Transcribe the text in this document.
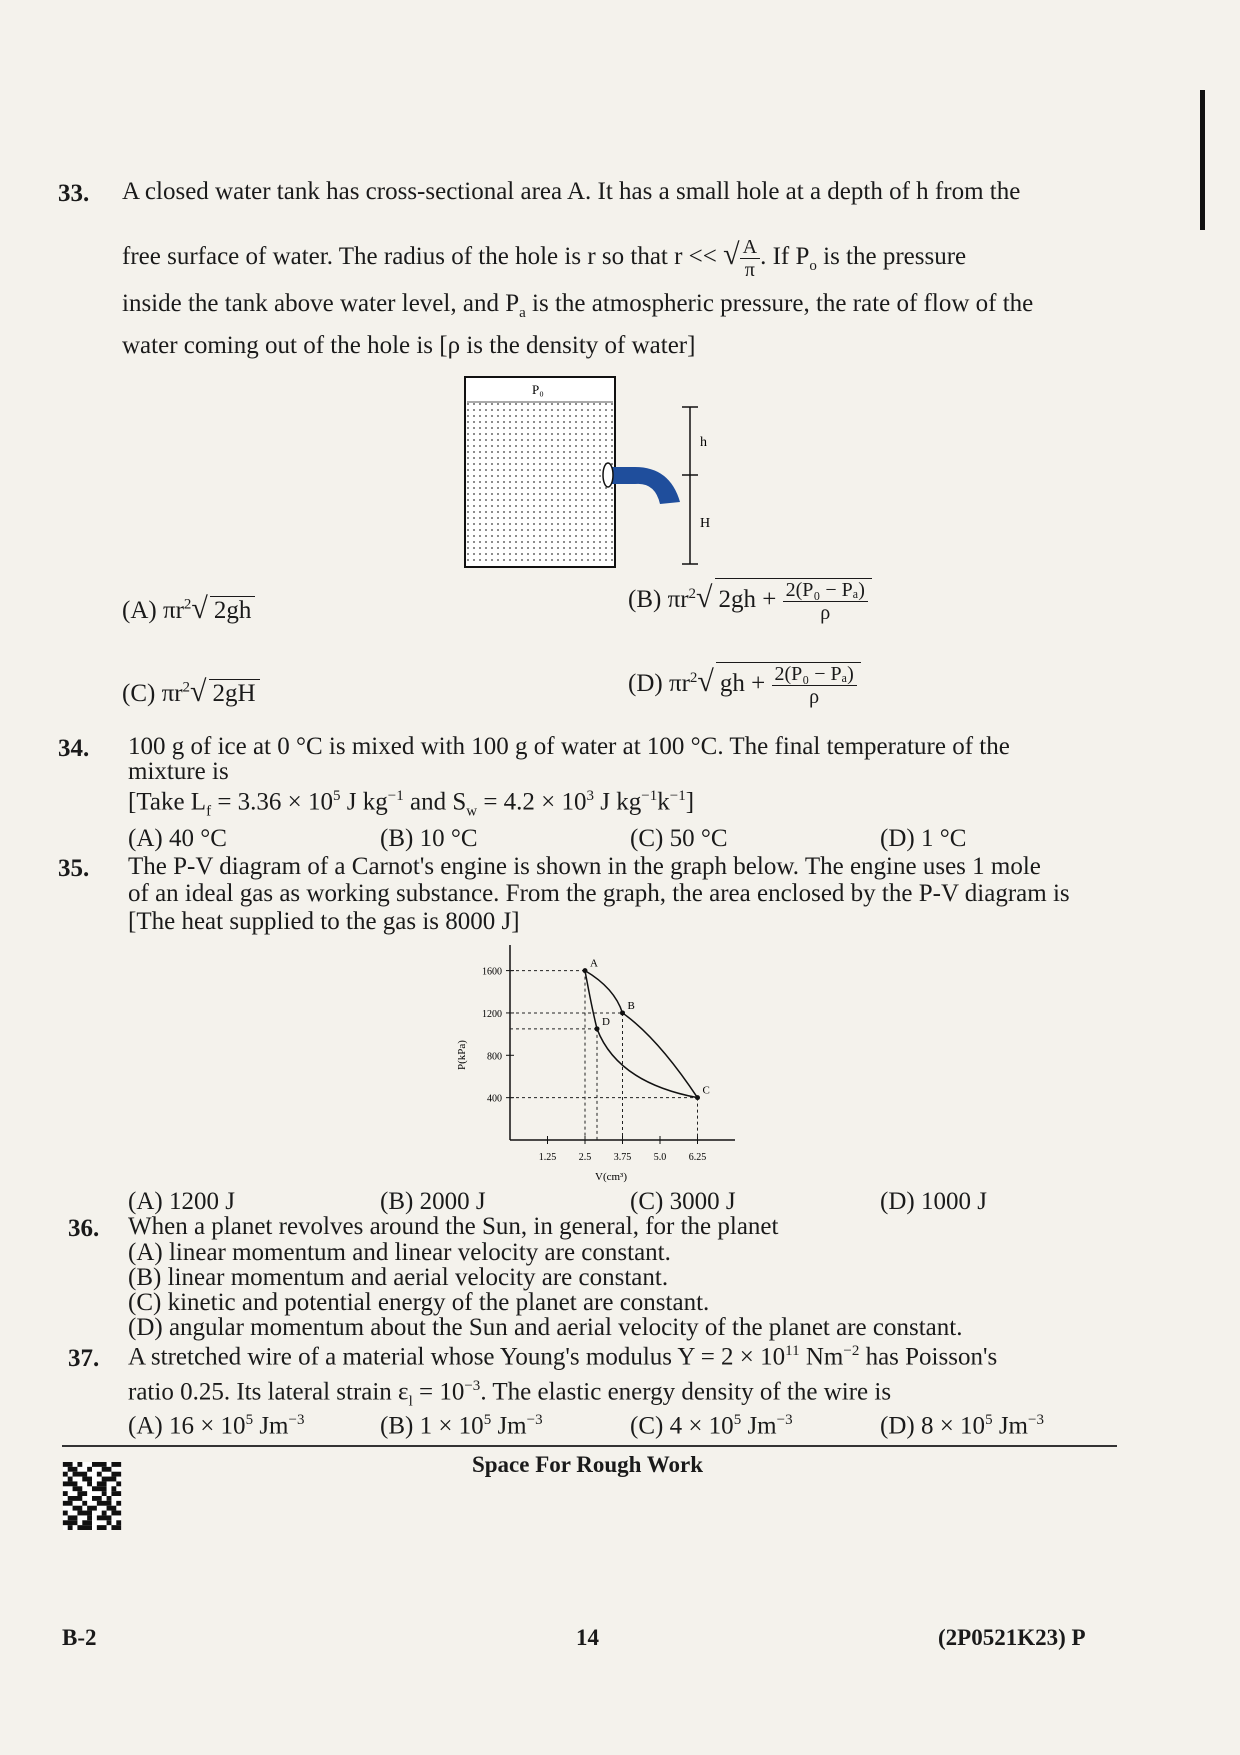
33. A closed water tank has cross-sectional area A. It has a small hole at a depth of h from the
free surface of water. The radius of the hole is r so that r << √ $\frac{A}{\pi}$ . If $P_o$ is the pressure
inside the tank above water level, and $P_a$ is the atmospheric pressure, the rate of flow of the
water coming out of the hole is [ρ is the density of water]
P₀
h
H
(A) $\pi r^2√$ 2gh	(B) $\pi r^2√$ $2gh + \frac{\text{2(P₀ − Pₐ)}}{\rho}$
(C) $\pi r^2√$ 2gH	(D) $\pi r^2√$ gh + $\frac{\text{2(P₀ − Pₐ)}}{\rho}$
34. 100 g of ice at 0 °C is mixed with 100 g of water at 100 °C. The final temperature of the
mixture is
[Take $L_f = 3.36 \times 10^5$ J $kg^{-1}$ and $S_w = 4.2 \times 10^3$ J $kg^{-1}k^{-1}$]
(A) 40 °C	(B) 10 °C	(C) 50 °C	(D) 1 °C
35. The P-V diagram of a Carnot's engine is shown in the graph below. The engine uses 1 mole
of an ideal gas as working substance. From the graph, the area enclosed by the P-V diagram is
[The heat supplied to the gas is 8000 J]
1600
1200
800
400
1.25 2.5 3.75 5.0 6.25
A
B
C
D
P(kPa)
V(cm³)
(A) 1200 J	(B) 2000 J	(C) 3000 J	(D) 1000 J
36. When a planet revolves around the Sun, in general, for the planet
(A) linear momentum and linear velocity are constant.
(B) linear momentum and aerial velocity are constant.
(C) kinetic and potential energy of the planet are constant.
(D) angular momentum about the Sun and aerial velocity of the planet are constant.
37. A stretched wire of a material whose Young's modulus $Y = 2 \times 10^{11}$ $Nm^{-2}$ has Poisson's
ratio 0.25. Its lateral strain $\varepsilon_l = 10^{-3}$. The elastic energy density of the wire is
(A) $16 \times 10^5$ $Jm^{-3}$	(B) $1 \times 10^5$ $Jm^{-3}$	(C) $4 \times 10^5$ $Jm^{-3}$	(D) $8 \times 10^5$ $Jm^{-3}$
Space For Rough Work
B-2	14	(2P0521K23) P
